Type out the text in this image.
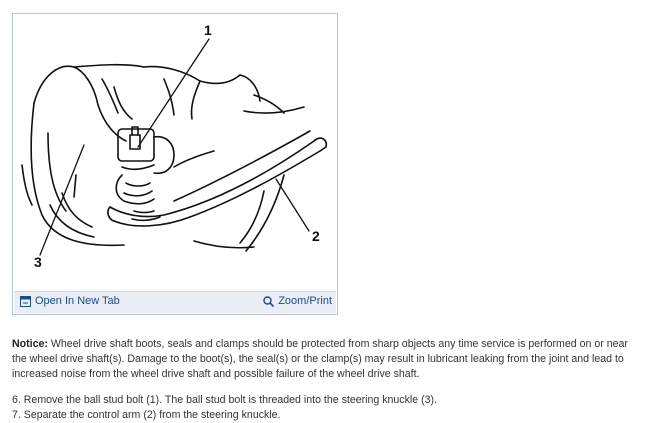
1
2
3
Open In New Tab	Zoom/Print
Notice: Wheel drive shaft boots, seals and clamps should be protected from sharp objects any time service is performed on or near the wheel drive shaft(s). Damage to the boot(s), the seal(s) or the clamp(s) may result in lubricant leaking from the joint and lead to increased noise from the wheel drive shaft and possible failure of the wheel drive shaft.

6. Remove the ball stud bolt (1). The ball stud bolt is threaded into the steering knuckle (3).

7. Separate the control arm (2) from the steering knuckle.
